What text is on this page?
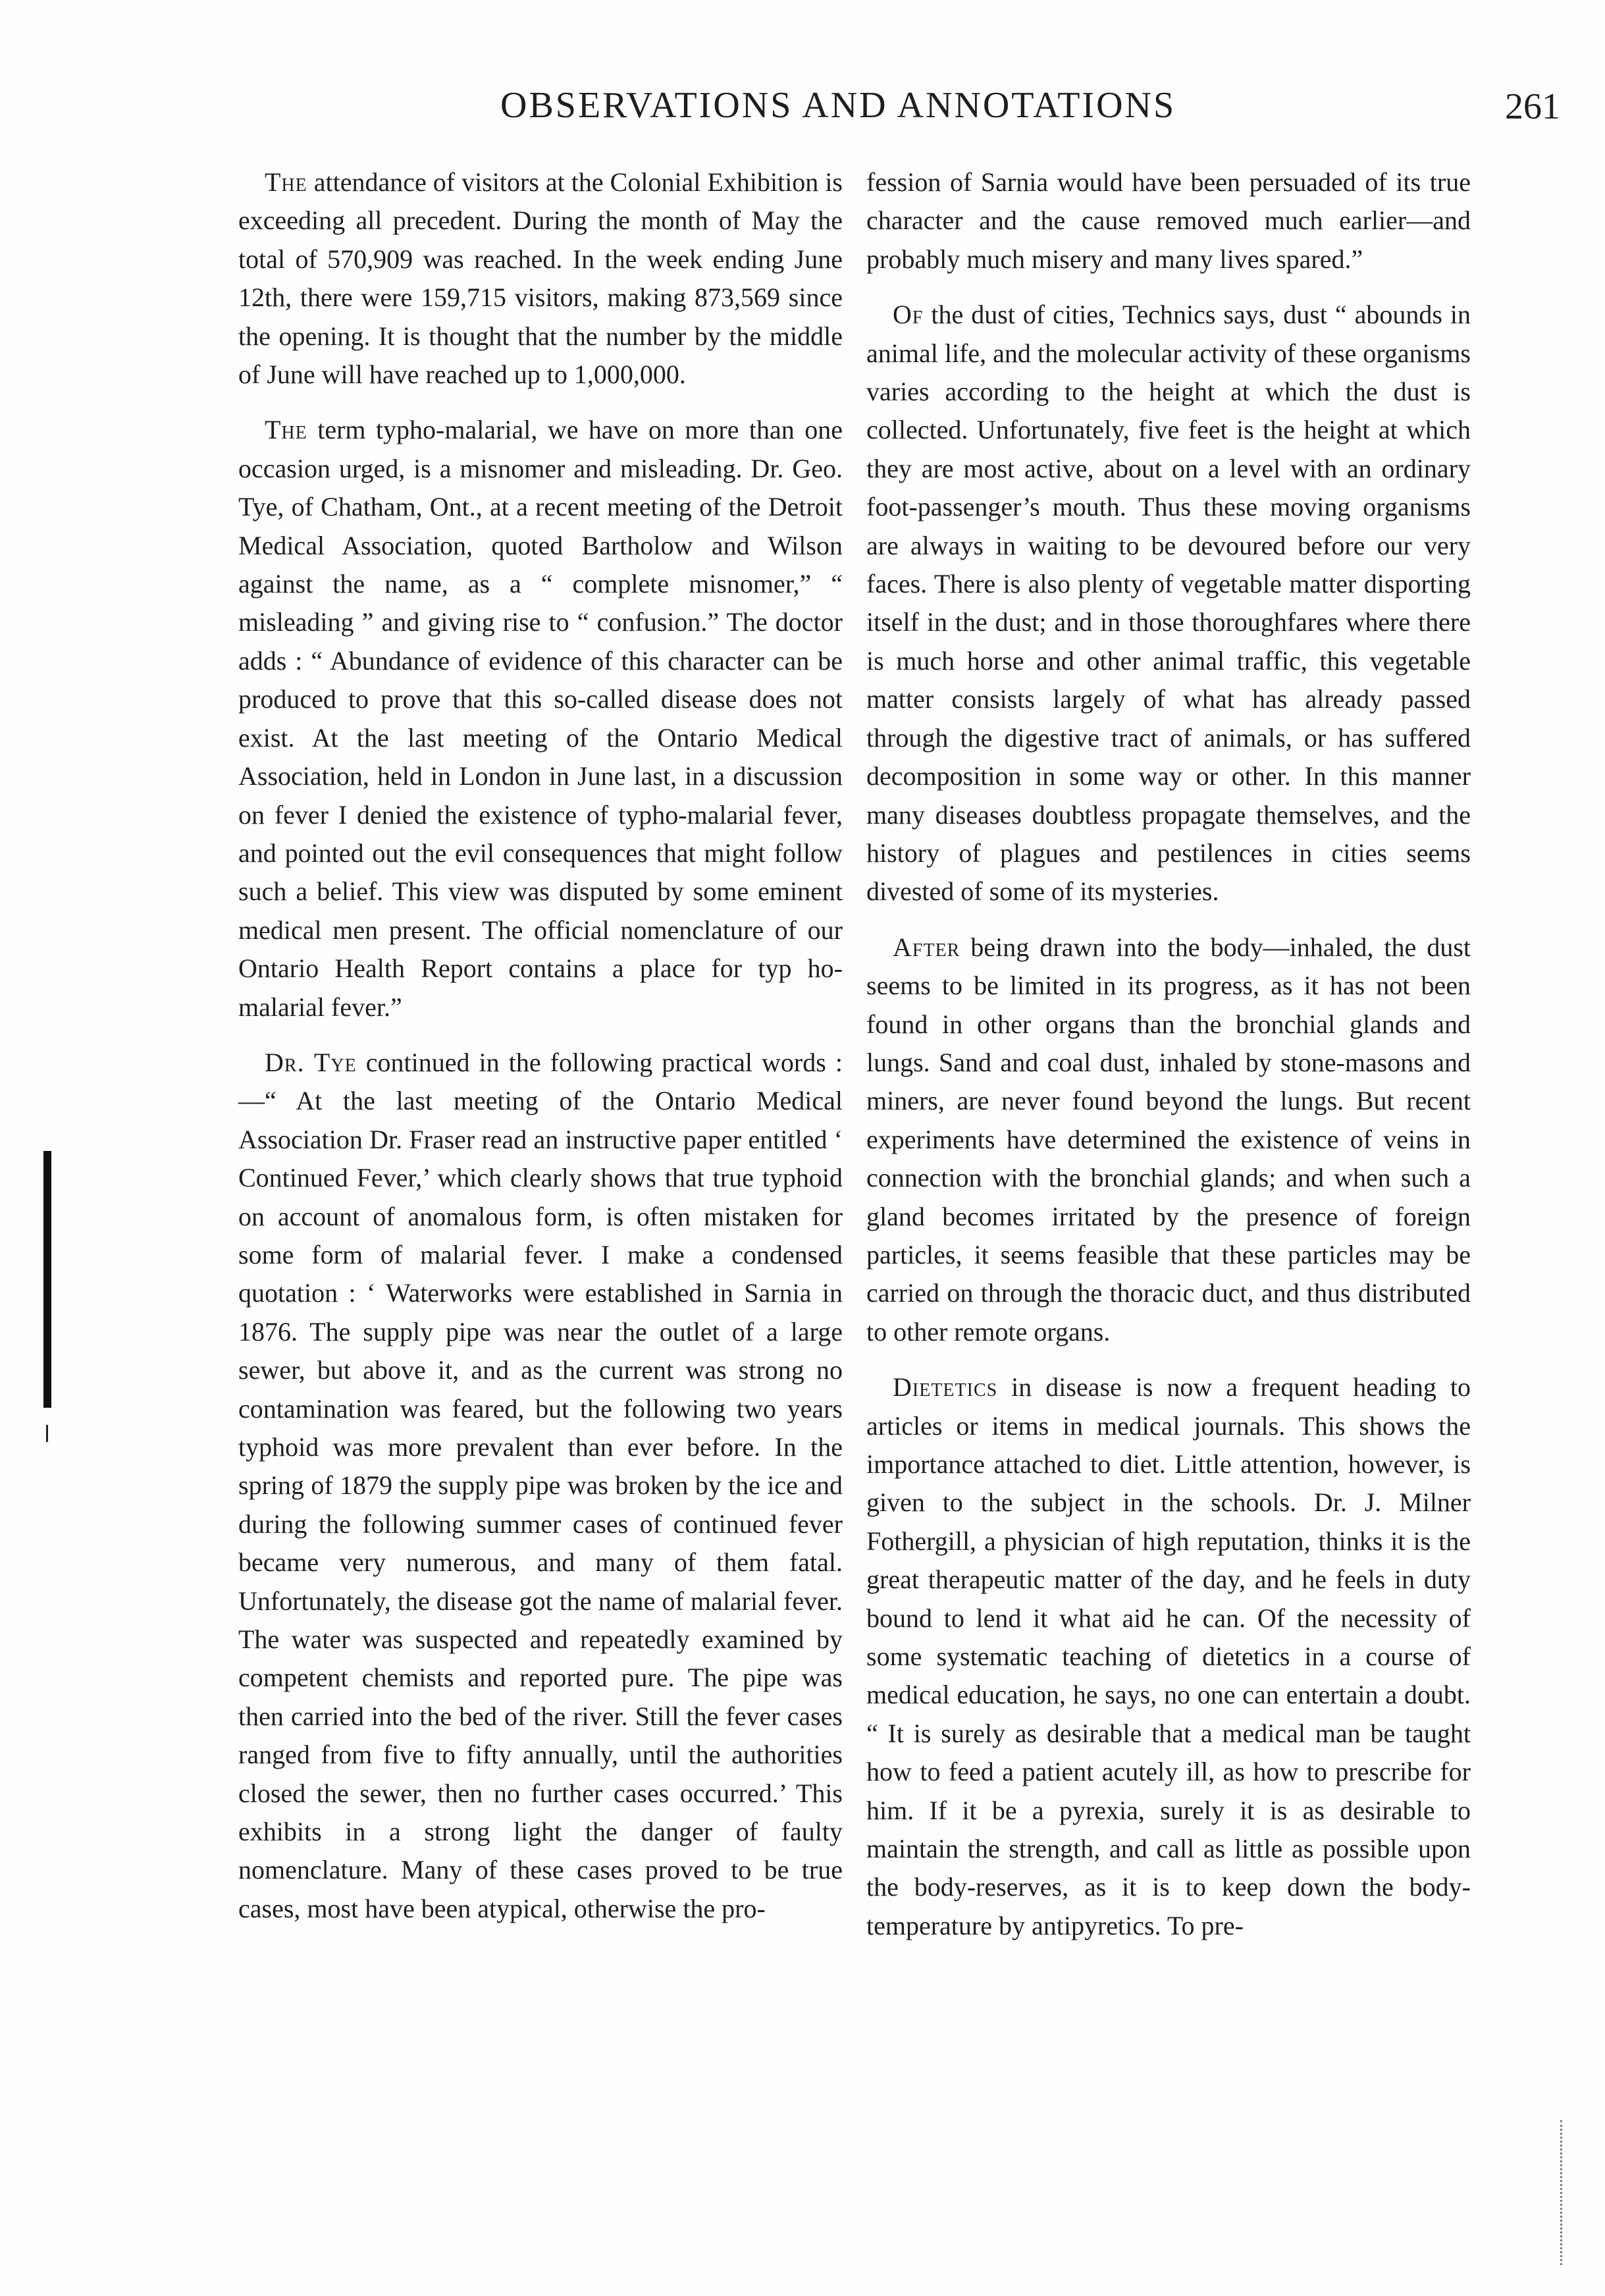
OBSERVATIONS AND ANNOTATIONS	261

The attendance of visitors at the Colonial Exhibition is exceeding all precedent. During the month of May the total of 570,909 was reached. In the week ending June 12th, there were 159,715 visitors, making 873,569 since the opening. It is thought that the number by the middle of June will have reached up to 1,000,000.

The term typho-malarial, we have on more than one occasion urged, is a misnomer and misleading. Dr. Geo. Tye, of Chatham, Ont., at a recent meeting of the Detroit Medical Association, quoted Bartholow and Wilson against the name, as a “ complete misnomer,” “ misleading ” and giving rise to “ confusion.” The doctor adds : “ Abundance of evidence of this character can be produced to prove that this so-called disease does not exist. At the last meeting of the Ontario Medical Association, held in London in June last, in a discussion on fever I denied the existence of typho-malarial fever, and pointed out the evil consequences that might follow such a belief. This view was disputed by some eminent medical men present. The official nomenclature of our Ontario Health Report contains a place for typ ho-malarial fever.”

Dr. Tye continued in the following practical words :—“ At the last meeting of the Ontario Medical Association Dr. Fraser read an instructive paper entitled ‘ Continued Fever,’ which clearly shows that true typhoid on account of anomalous form, is often mistaken for some form of malarial fever. I make a condensed quotation : ‘ Waterworks were established in Sarnia in 1876. The supply pipe was near the outlet of a large sewer, but above it, and as the current was strong no contamination was feared, but the following two years typhoid was more prevalent than ever before. In the spring of 1879 the supply pipe was broken by the ice and during the following summer cases of continued fever became very numerous, and many of them fatal. Unfortunately, the disease got the name of malarial fever. The water was suspected and repeatedly examined by competent chemists and reported pure. The pipe was then carried into the bed of the river. Still the fever cases ranged from five to fifty annually, until the authorities closed the sewer, then no further cases occurred.’ This exhibits in a strong light the danger of faulty nomenclature. Many of these cases proved to be true cases, most have been atypical, otherwise the pro-

fession of Sarnia would have been persuaded of its true character and the cause removed much earlier—and probably much misery and many lives spared.”

Of the dust of cities, Technics says, dust “ abounds in animal life, and the molecular activity of these organisms varies according to the height at which the dust is collected. Unfortunately, five feet is the height at which they are most active, about on a level with an ordinary foot-passenger’s mouth. Thus these moving organisms are always in waiting to be devoured before our very faces. There is also plenty of vegetable matter disporting itself in the dust; and in those thoroughfares where there is much horse and other animal traffic, this vegetable matter consists largely of what has already passed through the digestive tract of animals, or has suffered decomposition in some way or other. In this manner many diseases doubtless propagate themselves, and the history of plagues and pestilences in cities seems divested of some of its mysteries.

After being drawn into the body—inhaled, the dust seems to be limited in its progress, as it has not been found in other organs than the bronchial glands and lungs. Sand and coal dust, inhaled by stone-masons and miners, are never found beyond the lungs. But recent experiments have determined the existence of veins in connection with the bronchial glands; and when such a gland becomes irritated by the presence of foreign particles, it seems feasible that these particles may be carried on through the thoracic duct, and thus distributed to other remote organs.

Dietetics in disease is now a frequent heading to articles or items in medical journals. This shows the importance attached to diet. Little attention, however, is given to the subject in the schools. Dr. J. Milner Fothergill, a physician of high reputation, thinks it is the great therapeutic matter of the day, and he feels in duty bound to lend it what aid he can. Of the necessity of some systematic teaching of dietetics in a course of medical education, he says, no one can entertain a doubt. “ It is surely as desirable that a medical man be taught how to feed a patient acutely ill, as how to prescribe for him. If it be a pyrexia, surely it is as desirable to maintain the strength, and call as little as possible upon the body-reserves, as it is to keep down the body-temperature by antipyretics. To pre-
